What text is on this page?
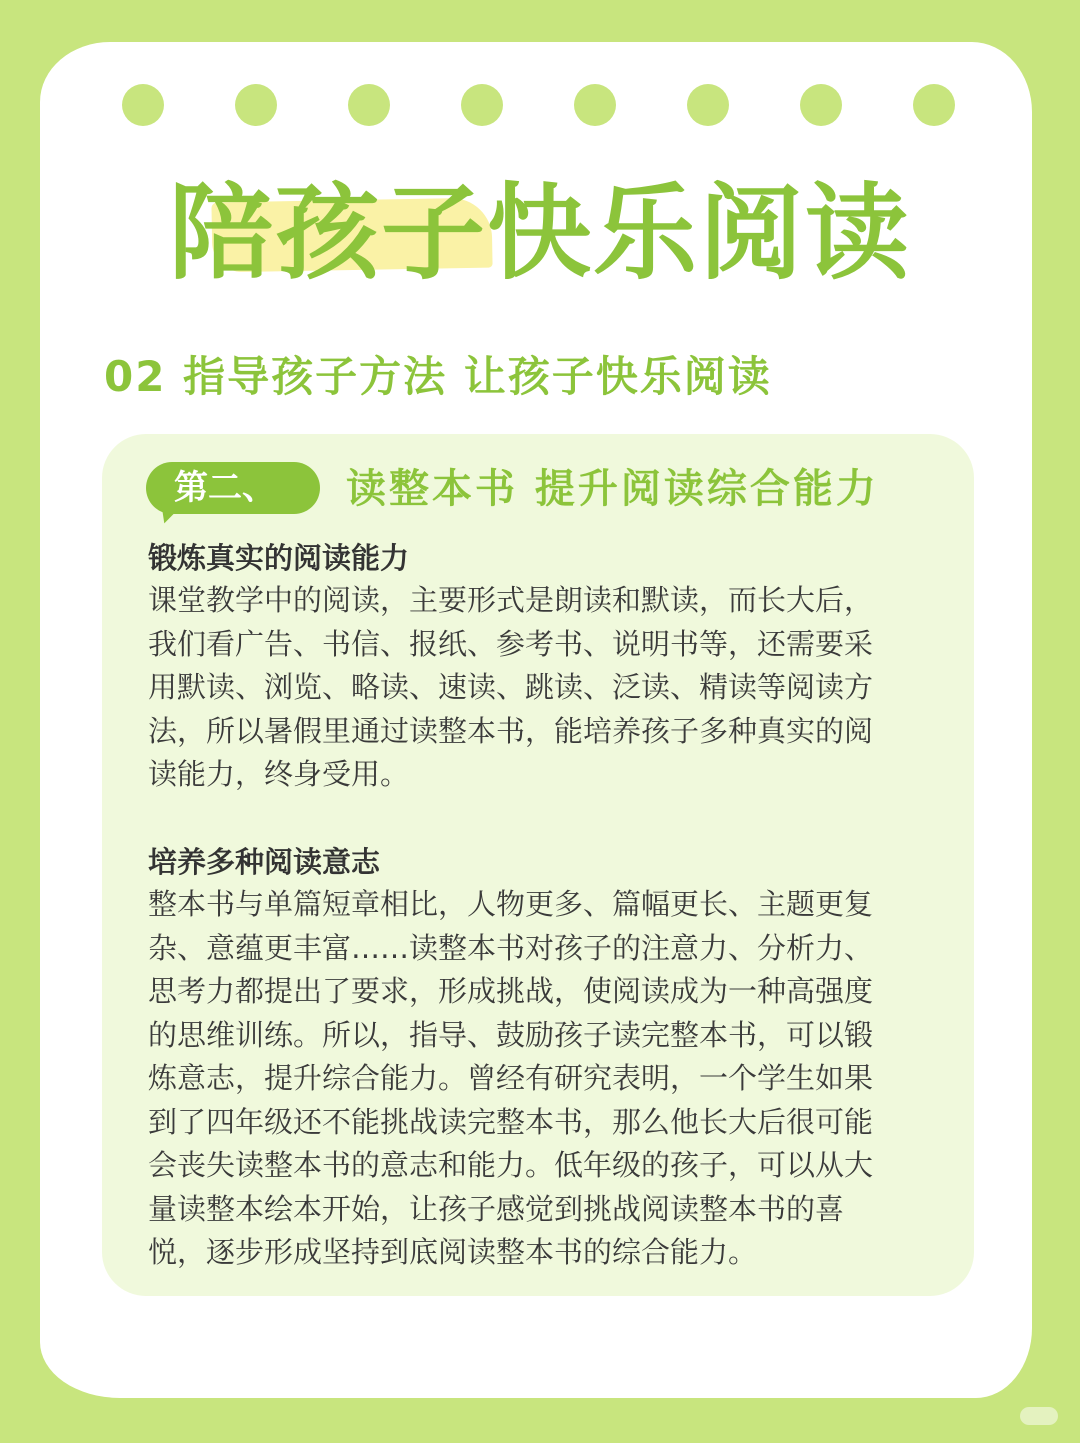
陪孩子快乐阅读
02 指导孩子方法 让孩子快乐阅读
第二、 读整本书 提升阅读综合能力
锻炼真实的阅读能力
课堂教学中的阅读，主要形式是朗读和默读，而长大后，
我们看广告、书信、报纸、参考书、说明书等，还需要采
用默读、浏览、略读、速读、跳读、泛读、精读等阅读方
法，所以暑假里通过读整本书，能培养孩子多种真实的阅
读能力，终身受用。
培养多种阅读意志
整本书与单篇短章相比，人物更多、篇幅更长、主题更复
杂、意蕴更丰富……读整本书对孩子的注意力、分析力、
思考力都提出了要求，形成挑战，使阅读成为一种高强度
的思维训练。所以，指导、鼓励孩子读完整本书，可以锻
炼意志，提升综合能力。曾经有研究表明，一个学生如果
到了四年级还不能挑战读完整本书，那么他长大后很可能
会丧失读整本书的意志和能力。低年级的孩子，可以从大
量读整本绘本开始，让孩子感觉到挑战阅读整本书的喜
悦，逐步形成坚持到底阅读整本书的综合能力。
